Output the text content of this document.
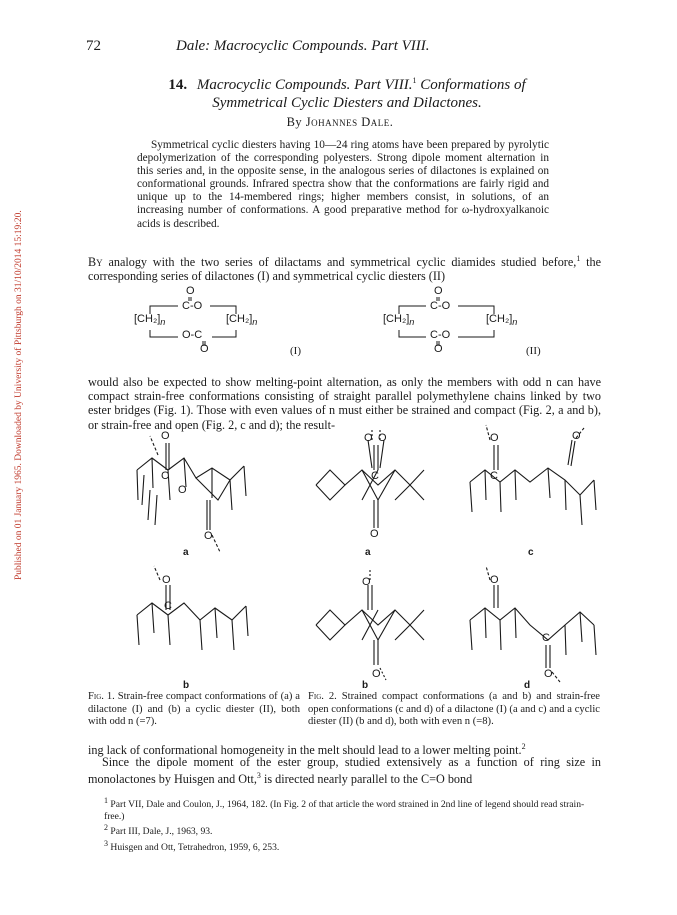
Published on 01 January 1965. Downloaded by University of Pittsburgh on 31/10/2014 15:19:20.
72	Dale: Macrocyclic Compounds. Part VIII.
14. Macrocyclic Compounds. Part VIII.$^1$ Conformations of
Symmetrical Cyclic Diesters and Dilactones.
By Johannes Dale.
Symmetrical cyclic diesters having 10—24 ring atoms have been prepared by pyrolytic depolymerization of the corresponding polyesters. Strong dipole moment alternation in this series and, in the opposite sense, in the analogous series of dilactones is explained on conformational grounds. Infrared spectra show that the conformations are fairly rigid and unique up to the 14-membered rings; higher members consist, in solutions, of an increasing number of conformations. A good preparative method for ω-hydroxyalkanoic acids is described.
By analogy with the two series of dilactams and symmetrical cyclic diamides studied before,$^1$ the corresponding series of dilactones (I) and symmetrical cyclic diesters (II)
O
C-O
$[CH_2]_n$	$[CH_2]_n$
O-C
O	(I)
O
C-O
$[CH_2]_n$	$[CH_2]_n$
C-O
O	(II)
would also be expected to show melting-point alternation, as only the members with odd n can have compact strain-free conformations consisting of straight parallel polymethylene chains linked by two ester bridges (Fig. 1). Those with even values of n must either be strained and compact (Fig. 2, a and b), or strain-free and open (Fig. 2, c and d); the result-
O
C
O
O
O O
C
O
O	O
C
O
C
O
O
O
C
O
a	a	c
b	b	d
Fig. 1. Strain-free compact conformations of (a) a dilactone (I) and (b) a cyclic diester (II), both with odd n (=7).
Fig. 2. Strained compact conformations (a and b) and strain-free open conformations (c and d) of a dilactone (I) (a and c) and a cyclic diester (II) (b and d), both with even n (=8).
ing lack of conformational homogeneity in the melt should lead to a lower melting point.$^2$
Since the dipole moment of the ester group, studied extensively as a function of ring size in monolactones by Huisgen and Ott,$^3$ is directed nearly parallel to the C=O bond

$^1$ Part VII, Dale and Coulon, J., 1964, 182. (In Fig. 2 of that article the word strained in 2nd line of legend should read strain-free.)

$^2$ Part III, Dale, J., 1963, 93.

$^3$ Huisgen and Ott, Tetrahedron, 1959, 6, 253.
